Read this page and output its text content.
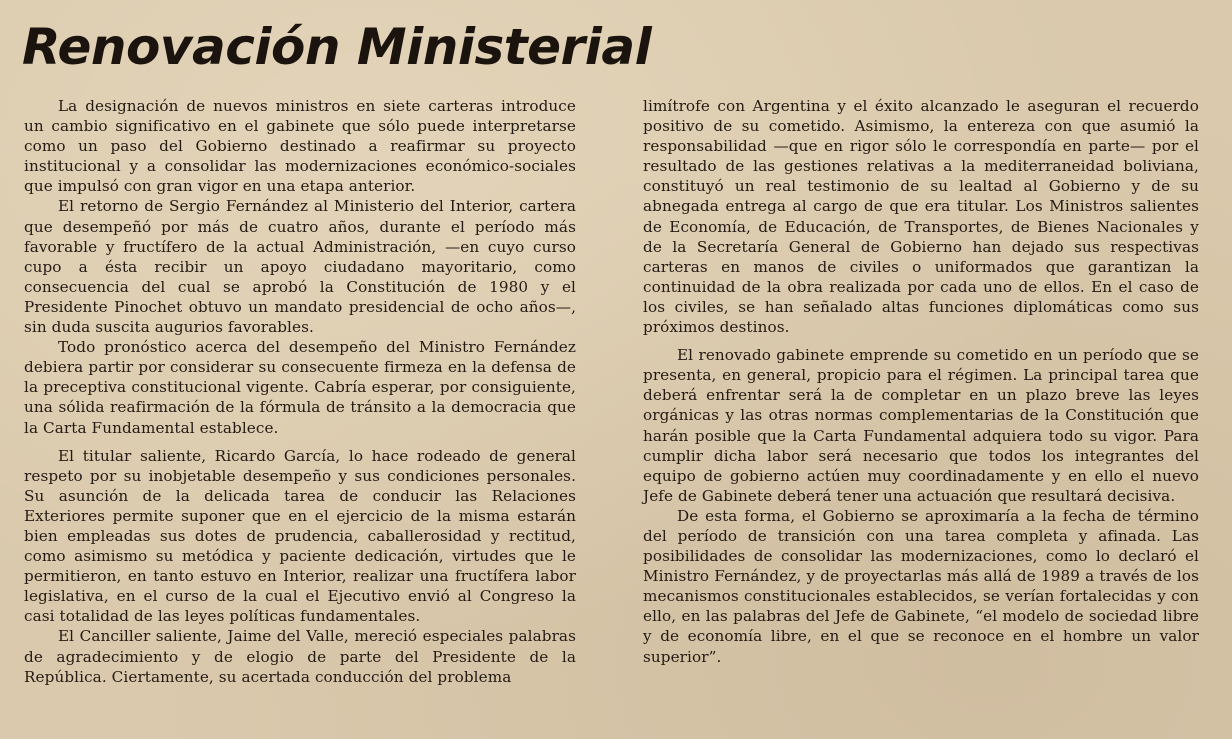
Renovación Ministerial

La designación de nuevos ministros en siete carteras introduce un cambio significativo en el gabinete que sólo puede interpretarse como un paso del Gobierno destinado a reafirmar su proyecto institucional y a consolidar las modernizaciones económico-sociales que impulsó con gran vigor en una etapa anterior.

El retorno de Sergio Fernández al Ministerio del Interior, cartera que desempeñó por más de cuatro años, durante el período más favorable y fructífero de la actual Administración, —en cuyo curso cupo a ésta recibir un apoyo ciudadano mayoritario, como consecuencia del cual se aprobó la Constitución de 1980 y el Presidente Pinochet obtuvo un mandato presidencial de ocho años—, sin duda suscita augurios favorables.

Todo pronóstico acerca del desempeño del Ministro Fernández debiera partir por considerar su consecuente firmeza en la defensa de la preceptiva constitucional vigente. Cabría esperar, por consiguiente, una sólida reafirmación de la fórmula de tránsito a la democracia que la Carta Fundamental establece.

El titular saliente, Ricardo García, lo hace rodeado de general respeto por su inobjetable desempeño y sus condiciones personales. Su asunción de la delicada tarea de conducir las Relaciones Exteriores permite suponer que en el ejercicio de la misma estarán bien empleadas sus dotes de prudencia, caballerosidad y rectitud, como asimismo su metódica y paciente dedicación, virtudes que le permitieron, en tanto estuvo en Interior, realizar una fructífera labor legislativa, en el curso de la cual el Ejecutivo envió al Congreso la casi totalidad de las leyes políticas fundamentales.

El Canciller saliente, Jaime del Valle, mereció especiales palabras de agradecimiento y de elogio de parte del Presidente de la República. Ciertamente, su acertada conducción del problema

limítrofe con Argentina y el éxito alcanzado le aseguran el recuerdo positivo de su cometido. Asimismo, la entereza con que asumió la responsabilidad —que en rigor sólo le correspondía en parte— por el resultado de las gestiones relativas a la mediterraneidad boliviana, constituyó un real testimonio de su lealtad al Gobierno y de su abnegada entrega al cargo de que era titular. Los Ministros salientes de Economía, de Educación, de Transportes, de Bienes Nacionales y de la Secretaría General de Gobierno han dejado sus respectivas carteras en manos de civiles o uniformados que garantizan la continuidad de la obra realizada por cada uno de ellos. En el caso de los civiles, se han señalado altas funciones diplomáticas como sus próximos destinos.

El renovado gabinete emprende su cometido en un período que se presenta, en general, propicio para el régimen. La principal tarea que deberá enfrentar será la de completar en un plazo breve las leyes orgánicas y las otras normas complementarias de la Constitución que harán posible que la Carta Fundamental adquiera todo su vigor. Para cumplir dicha labor será necesario que todos los integrantes del equipo de gobierno actúen muy coordinadamente y en ello el nuevo Jefe de Gabinete deberá tener una actuación que resultará decisiva.

De esta forma, el Gobierno se aproximaría a la fecha de término del período de transición con una tarea completa y afinada. Las posibilidades de consolidar las modernizaciones, como lo declaró el Ministro Fernández, y de proyectarlas más allá de 1989 a través de los mecanismos constitucionales establecidos, se verían fortalecidas y con ello, en las palabras del Jefe de Gabinete, “el modelo de sociedad libre y de economía libre, en el que se reconoce en el hombre un valor superior”.
